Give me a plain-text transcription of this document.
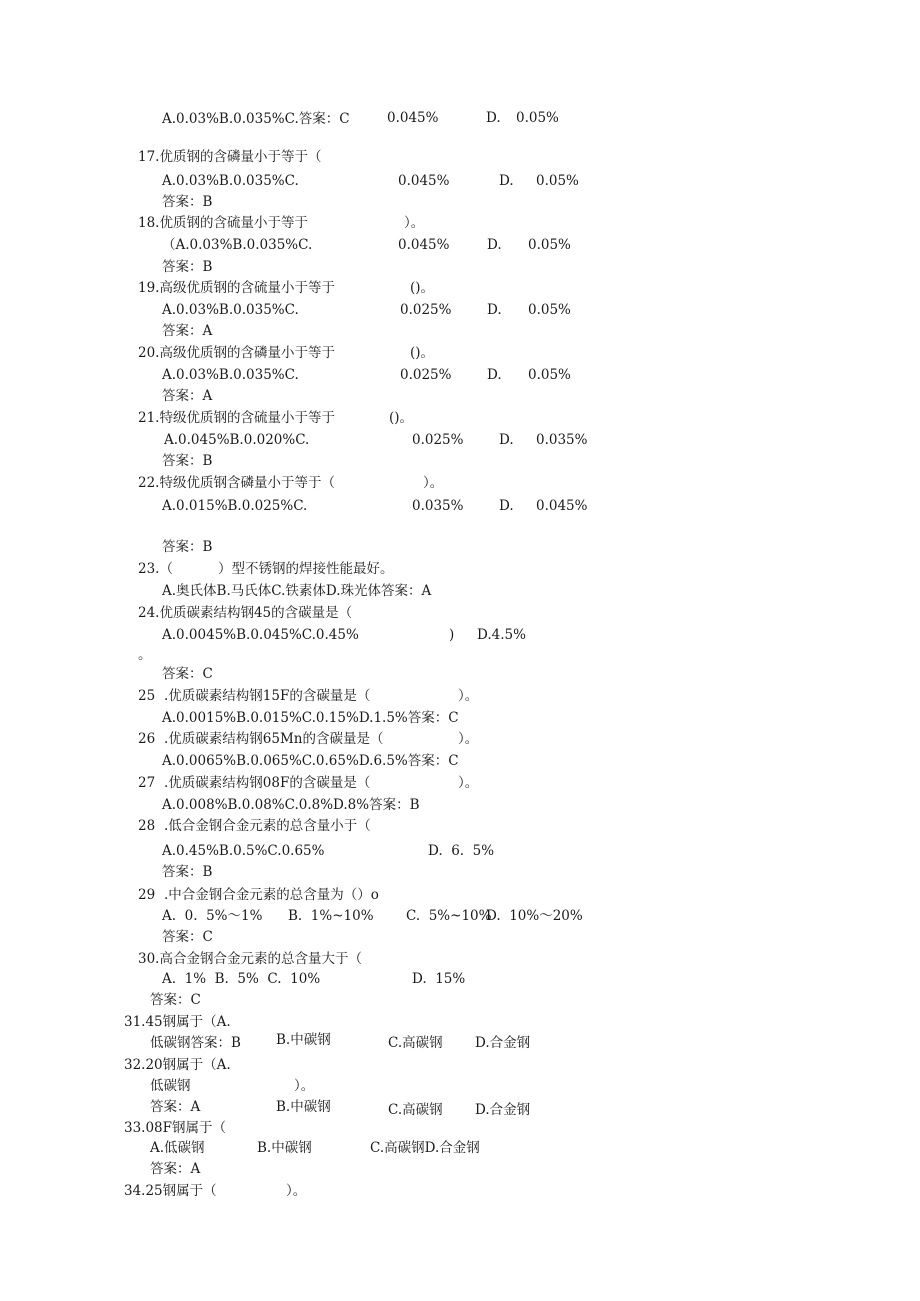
A.0.03%B.0.035%C.答案：C	0.045%	D. 0.05%
17.优质钢的含磷量小于等于（
A.0.03%B.0.035%C.	0.045%	D. 0.05%
答案：B
18.优质钢的含硫量小于等于	）。
（A.0.03%B.0.035%C.	0.045%	D. 0.05%
答案：B
19.高级优质钢的含硫量小于等于	()。
A.0.03%B.0.035%C.	0.025%	D. 0.05%
答案：A
20.高级优质钢的含磷量小于等于	()。
A.0.03%B.0.035%C.	0.025%	D. 0.05%
答案：A
21.特级优质钢的含硫量小于等于	()。
A.0.045%B.0.020%C.	0.025%	D. 0.035%
答案：B
22.特级优质钢含磷量小于等于（	）。
A.0.015%B.0.025%C.	0.035%	D. 0.045%
答案：B
23.（	）型不锈钢的焊接性能最好。
A.奥氏体B.马氏体C.铁素体D.珠光体答案：A
24.优质碳素结构钢45的含碳量是（
A.0.0045%B.0.045%C.0.45%	) D.4.5%
。
答案：C
25 .优质碳素结构钢15F的含碳量是（	）。
A.0.0015%B.0.015%C.0.15%D.1.5%答案：C
26 .优质碳素结构钢65Mn的含碳量是（	）。
A.0.0065%B.0.065%C.0.65%D.6.5%答案：C
27 .优质碳素结构钢08F的含碳量是（	）。
A.0.008%B.0.08%C.0.8%D.8%答案：B
28 .低合金钢合金元素的总含量小于（
A.0.45%B.0.5%C.0.65%	D.  6.  5%
答案：B
29 .中合金钢合金元素的总含量为（）o
A.  0.  5%～1% B.  1%~10% C.  5%~10%
D.  10%～20%
答案：C
30.高合金钢合金元素的总含量大于（
A.  1%  B.  5%  C.  10%	D.  15%
答案：C
31.45钢属于（A.
B.中碳钢
低碳钢答案：B	C.高碳钢 D.合金钢
32.20钢属于（A.
低碳钢	）。
答案：A	B.中碳钢	C.高碳钢 D.合金钢
33.08F钢属于（
A.低碳钢	B.中碳钢	C.高碳钢D.合金钢
答案：A
34.25钢属于（	）。
